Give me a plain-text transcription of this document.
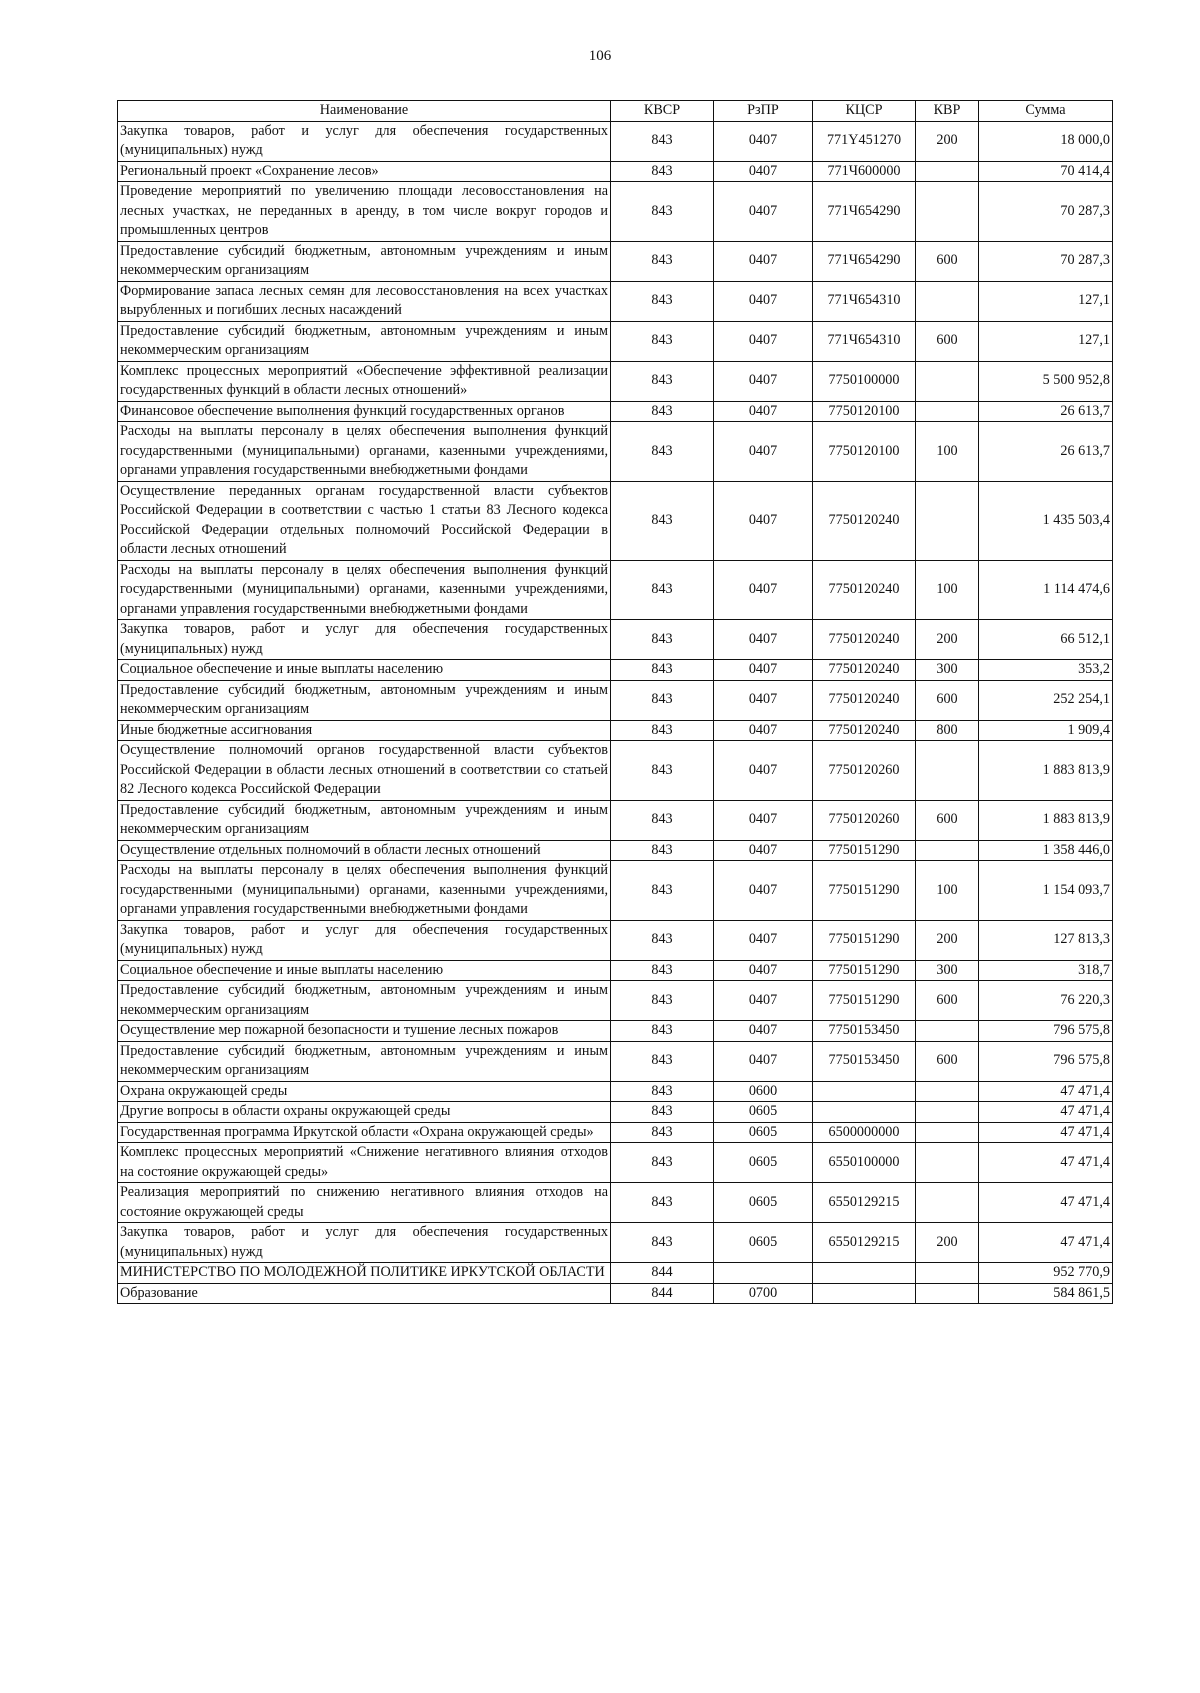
106
Наименование	КВСР	РзПР	КЦСР	КВР	Сумма
Закупка товаров, работ и услуг для обеспечения государственных (муниципальных) нужд	843	0407	771Y451270	200	18 000,0
Региональный проект «Сохранение лесов»	843	0407	771Ч600000		70 414,4
Проведение мероприятий по увеличению площади лесовосстановления на лесных участках, не переданных в аренду, в том числе вокруг городов и промышленных центров	843	0407	771Ч654290		70 287,3
Предоставление субсидий бюджетным, автономным учреждениям и иным некоммерческим организациям	843	0407	771Ч654290	600	70 287,3
Формирование запаса лесных семян для лесовосстановления на всех участках вырубленных и погибших лесных насаждений	843	0407	771Ч654310		127,1
Предоставление субсидий бюджетным, автономным учреждениям и иным некоммерческим организациям	843	0407	771Ч654310	600	127,1
Комплекс процессных мероприятий «Обеспечение эффективной реализации государственных функций в области лесных отношений»	843	0407	7750100000		5 500 952,8
Финансовое обеспечение выполнения функций государственных органов	843	0407	7750120100		26 613,7
Расходы на выплаты персоналу в целях обеспечения выполнения функций государственными (муниципальными) органами, казенными учреждениями, органами управления государственными внебюджетными фондами	843	0407	7750120100	100	26 613,7
Осуществление переданных органам государственной власти субъектов Российской Федерации в соответствии с частью 1 статьи 83 Лесного кодекса Российской Федерации отдельных полномочий Российской Федерации в области лесных отношений	843	0407	7750120240		1 435 503,4
Расходы на выплаты персоналу в целях обеспечения выполнения функций государственными (муниципальными) органами, казенными учреждениями, органами управления государственными внебюджетными фондами	843	0407	7750120240	100	1 114 474,6
Закупка товаров, работ и услуг для обеспечения государственных (муниципальных) нужд	843	0407	7750120240	200	66 512,1
Социальное обеспечение и иные выплаты населению	843	0407	7750120240	300	353,2
Предоставление субсидий бюджетным, автономным учреждениям и иным некоммерческим организациям	843	0407	7750120240	600	252 254,1
Иные бюджетные ассигнования	843	0407	7750120240	800	1 909,4
Осуществление полномочий органов государственной власти субъектов Российской Федерации в области лесных отношений в соответствии со статьей 82 Лесного кодекса Российской Федерации	843	0407	7750120260		1 883 813,9
Предоставление субсидий бюджетным, автономным учреждениям и иным некоммерческим организациям	843	0407	7750120260	600	1 883 813,9
Осуществление отдельных полномочий в области лесных отношений	843	0407	7750151290		1 358 446,0
Расходы на выплаты персоналу в целях обеспечения выполнения функций государственными (муниципальными) органами, казенными учреждениями, органами управления государственными внебюджетными фондами	843	0407	7750151290	100	1 154 093,7
Закупка товаров, работ и услуг для обеспечения государственных (муниципальных) нужд	843	0407	7750151290	200	127 813,3
Социальное обеспечение и иные выплаты населению	843	0407	7750151290	300	318,7
Предоставление субсидий бюджетным, автономным учреждениям и иным некоммерческим организациям	843	0407	7750151290	600	76 220,3
Осуществление мер пожарной безопасности и тушение лесных пожаров	843	0407	7750153450		796 575,8
Предоставление субсидий бюджетным, автономным учреждениям и иным некоммерческим организациям	843	0407	7750153450	600	796 575,8
Охрана окружающей среды	843	0600			47 471,4
Другие вопросы в области охраны окружающей среды	843	0605			47 471,4
Государственная программа Иркутской области «Охрана окружающей среды»	843	0605	6500000000		47 471,4
Комплекс процессных мероприятий «Снижение негативного влияния отходов на состояние окружающей среды»	843	0605	6550100000		47 471,4
Реализация мероприятий по снижению негативного влияния отходов на состояние окружающей среды	843	0605	6550129215		47 471,4
Закупка товаров, работ и услуг для обеспечения государственных (муниципальных) нужд	843	0605	6550129215	200	47 471,4
МИНИСТЕРСТВО ПО МОЛОДЕЖНОЙ ПОЛИТИКЕ ИРКУТСКОЙ ОБЛАСТИ	844				952 770,9
Образование	844	0700			584 861,5
